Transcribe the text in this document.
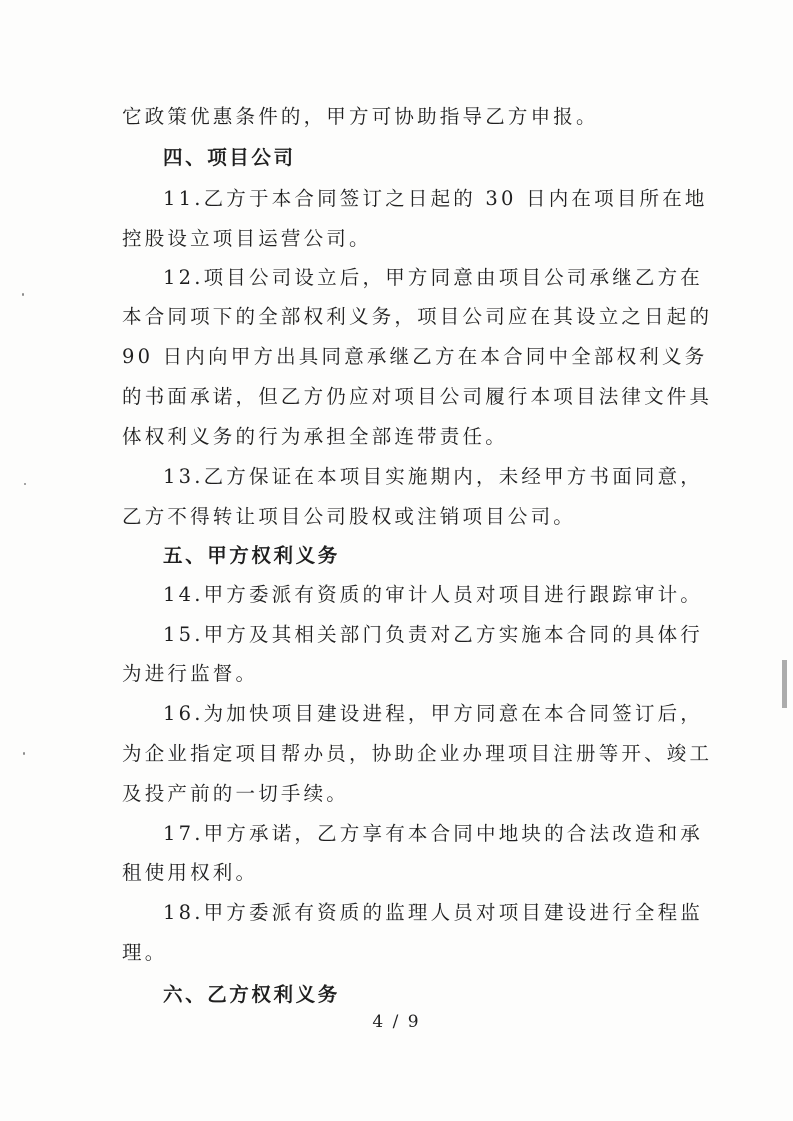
它政策优惠条件的，甲方可协助指导乙方申报。
四、项目公司
11.乙方于本合同签订之日起的 30 日内在项目所在地
控股设立项目运营公司。
12.项目公司设立后，甲方同意由项目公司承继乙方在
本合同项下的全部权利义务，项目公司应在其设立之日起的
90 日内向甲方出具同意承继乙方在本合同中全部权利义务
的书面承诺，但乙方仍应对项目公司履行本项目法律文件具
体权利义务的行为承担全部连带责任。
13.乙方保证在本项目实施期内，未经甲方书面同意，
乙方不得转让项目公司股权或注销项目公司。
五、甲方权利义务
14.甲方委派有资质的审计人员对项目进行跟踪审计。
15.甲方及其相关部门负责对乙方实施本合同的具体行
为进行监督。
16.为加快项目建设进程，甲方同意在本合同签订后，
为企业指定项目帮办员，协助企业办理项目注册等开、竣工
及投产前的一切手续。
17.甲方承诺，乙方享有本合同中地块的合法改造和承
租使用权利。
18.甲方委派有资质的监理人员对项目建设进行全程监
理。
六、乙方权利义务
4 / 9
